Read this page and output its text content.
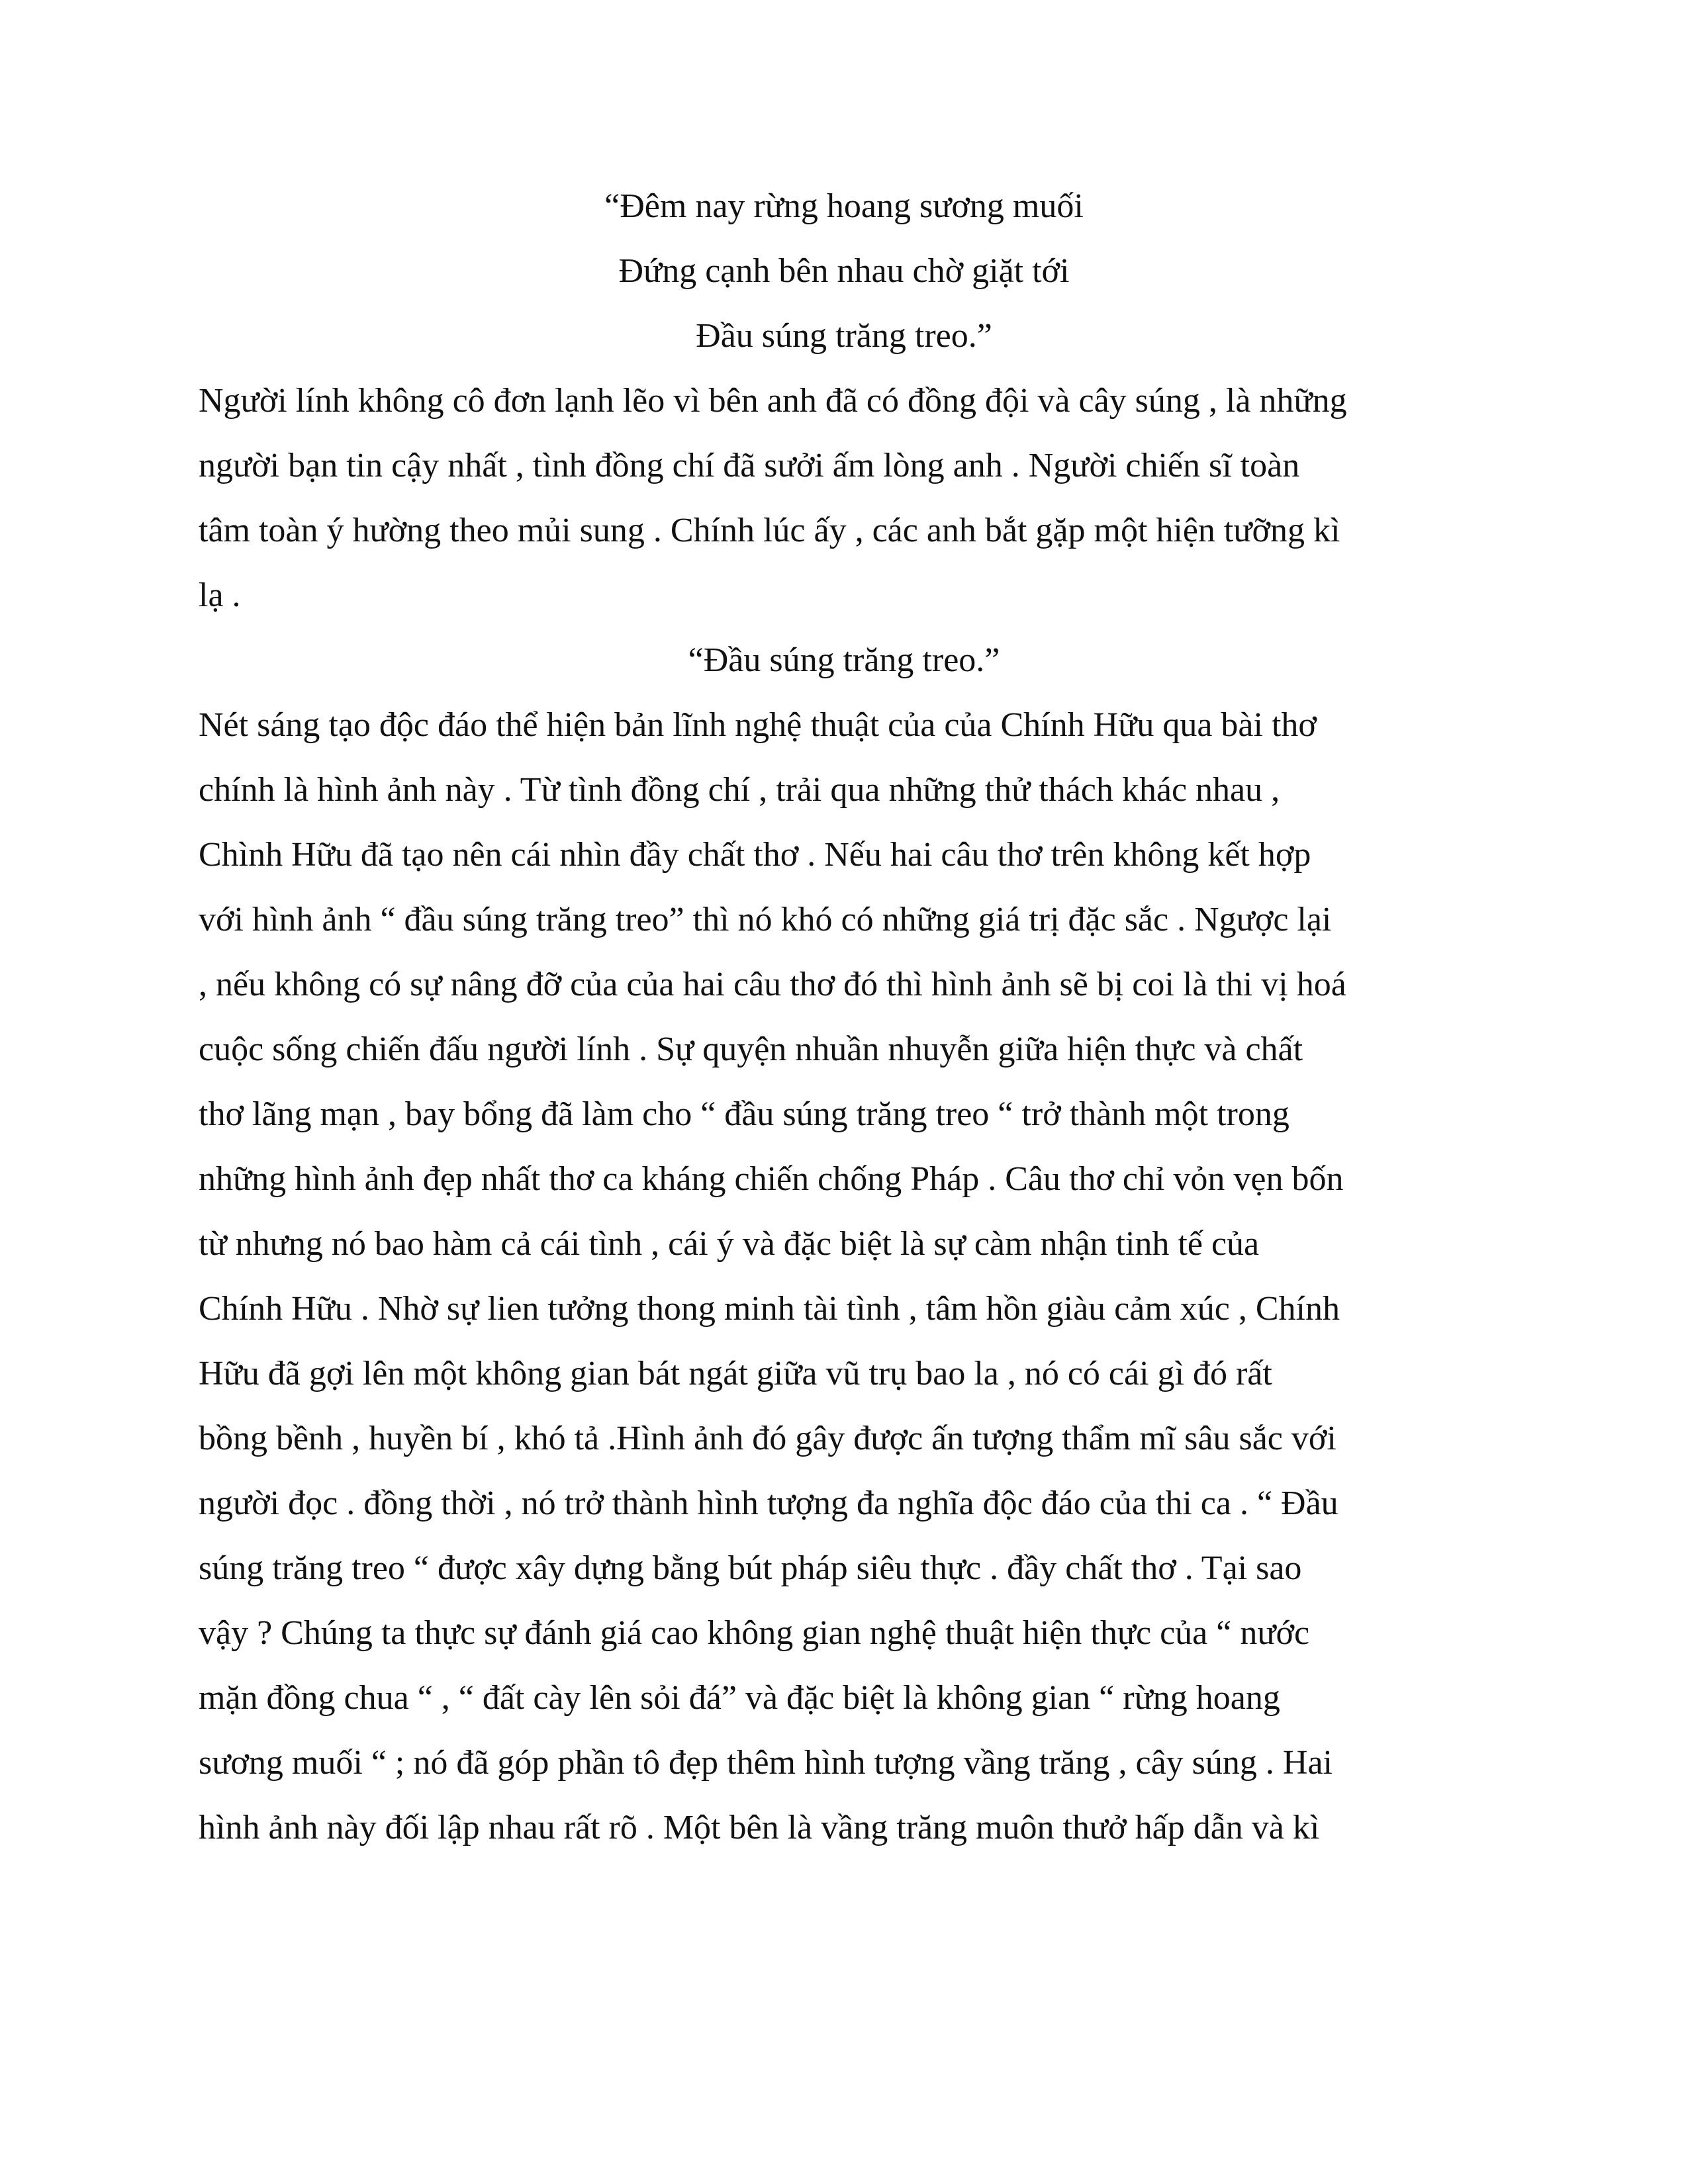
“Đêm nay rừng hoang sương muối
Đứng cạnh bên nhau chờ giặt tới
Đầu súng trăng treo.”
Người lính không cô đơn lạnh lẽo vì bên anh đã có đồng đội và cây súng , là những
người bạn tin cậy nhất , tình đồng chí đã sưởi ấm lòng anh . Người chiến sĩ toàn
tâm toàn ý hường theo mủi sung . Chính lúc ấy , các anh bắt gặp một hiện tưỡng kì
lạ .
“Đầu súng trăng treo.”
Nét sáng tạo độc đáo thể hiện bản lĩnh nghệ thuật của của Chính Hữu qua bài thơ
chính là hình ảnh này . Từ tình đồng chí , trải qua những thử thách khác nhau ,
Chình Hữu đã tạo nên cái nhìn đầy chất thơ . Nếu hai câu thơ trên không kết hợp
với hình ảnh “ đầu súng trăng treo” thì nó khó có những giá trị đặc sắc . Ngược lại
, nếu không có sự nâng đỡ của của hai câu thơ đó thì hình ảnh sẽ bị coi là thi vị hoá
cuộc sống chiến đấu người lính . Sự quyện nhuần nhuyễn giữa hiện thực và chất
thơ lãng mạn , bay bổng đã làm cho “ đầu súng trăng treo “ trở thành một trong
những hình ảnh đẹp nhất thơ ca kháng chiến chống Pháp . Câu thơ chỉ vỏn vẹn bốn
từ nhưng nó bao hàm cả cái tình , cái ý và đặc biệt là sự càm nhận tinh tế của
Chính Hữu . Nhờ sự lien tưởng thong minh tài tình , tâm hồn giàu cảm xúc , Chính
Hữu đã gợi lên một không gian bát ngát giữa vũ trụ bao la , nó có cái gì đó rất
bồng bềnh , huyền bí , khó tả .Hình ảnh đó gây được ấn tượng thẩm mĩ sâu sắc với
người đọc . đồng thời , nó trở thành hình tượng đa nghĩa độc đáo của thi ca . “ Đầu
súng trăng treo “ được xây dựng bằng bút pháp siêu thực . đầy chất thơ . Tại sao
vậy ? Chúng ta thực sự đánh giá cao không gian nghệ thuật hiện thực của “ nước
mặn đồng chua “ , “ đất cày lên sỏi đá” và đặc biệt là không gian “ rừng hoang
sương muối “ ; nó đã góp phần tô đẹp thêm hình tượng vầng trăng , cây súng . Hai
hình ảnh này đối lập nhau rất rõ . Một bên là vầng trăng muôn thưở hấp dẫn và kì
